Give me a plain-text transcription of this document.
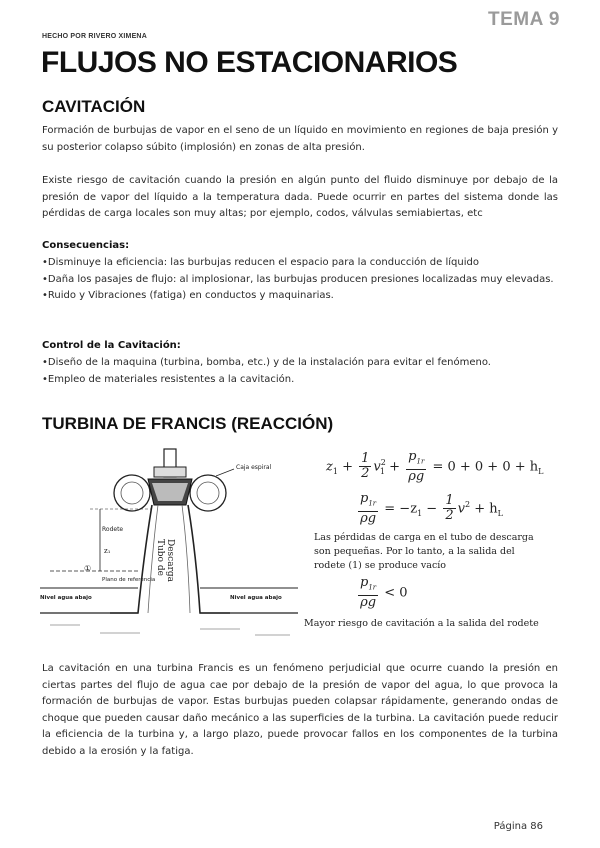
TEMA 9
HECHO POR RIVERO XIMENA
FLUJOS NO ESTACIONARIOS
CAVITACIÓN

Formación de burbujas de vapor en el seno de un líquido en movimiento en regiones de baja presión y su posterior colapso súbito (implosión) en zonas de alta presión.

Existe riesgo de cavitación cuando la presión en algún punto del fluido disminuye por debajo de la presión de vapor del líquido a la temperatura dada. Puede ocurrir en partes del sistema donde las pérdidas de carga locales son muy altas; por ejemplo, codos, válvulas semiabiertas, etc

Consecuencias:

• Disminuye la eficiencia: las burbujas reducen el espacio para la conducción de líquido
• Daña los pasajes de flujo: al implosionar, las burbujas producen presiones localizadas muy elevadas.
• Ruido y Vibraciones (fatiga) en conductos y maquinarias.

Control de la Cavitación:

• Diseño de la maquina (turbina, bomba, etc.) y de la instalación para evitar el fenómeno.
• Empleo de materiales resistentes a la cavitación.
TURBINA DE FRANCIS (REACCIÓN)
Caja espiral
Rodete
z₁
①
Plano de referencia
Nivel agua abajo	Nivel agua abajo
Tubo de Descarga
$z_1 + \frac{1}{2} v^2_1 + \frac{p_{1r}}{\rho g} = 0 + 0 + 0 + h_L$
$\frac{p_{1r}}{\rho g} = -z_1 - \frac{1}{2} v^2 + h_L$

Las pérdidas de carga en el tubo de descarga son pequeñas. Por lo tanto, a la salida del rodete (1) se produce vacío

$\frac{p_{1r}}{\rho g} < 0$

Mayor riesgo de cavitación a la salida del rodete

La cavitación en una turbina Francis es un fenómeno perjudicial que ocurre cuando la presión en ciertas partes del flujo de agua cae por debajo de la presión de vapor del agua, lo que provoca la formación de burbujas de vapor. Estas burbujas pueden colapsar rápidamente, generando ondas de choque que pueden causar daño mecánico a las superficies de la turbina. La cavitación puede reducir la eficiencia de la turbina y, a largo plazo, puede provocar fallos en los componentes de la turbina debido a la erosión y la fatiga.

Página 86
